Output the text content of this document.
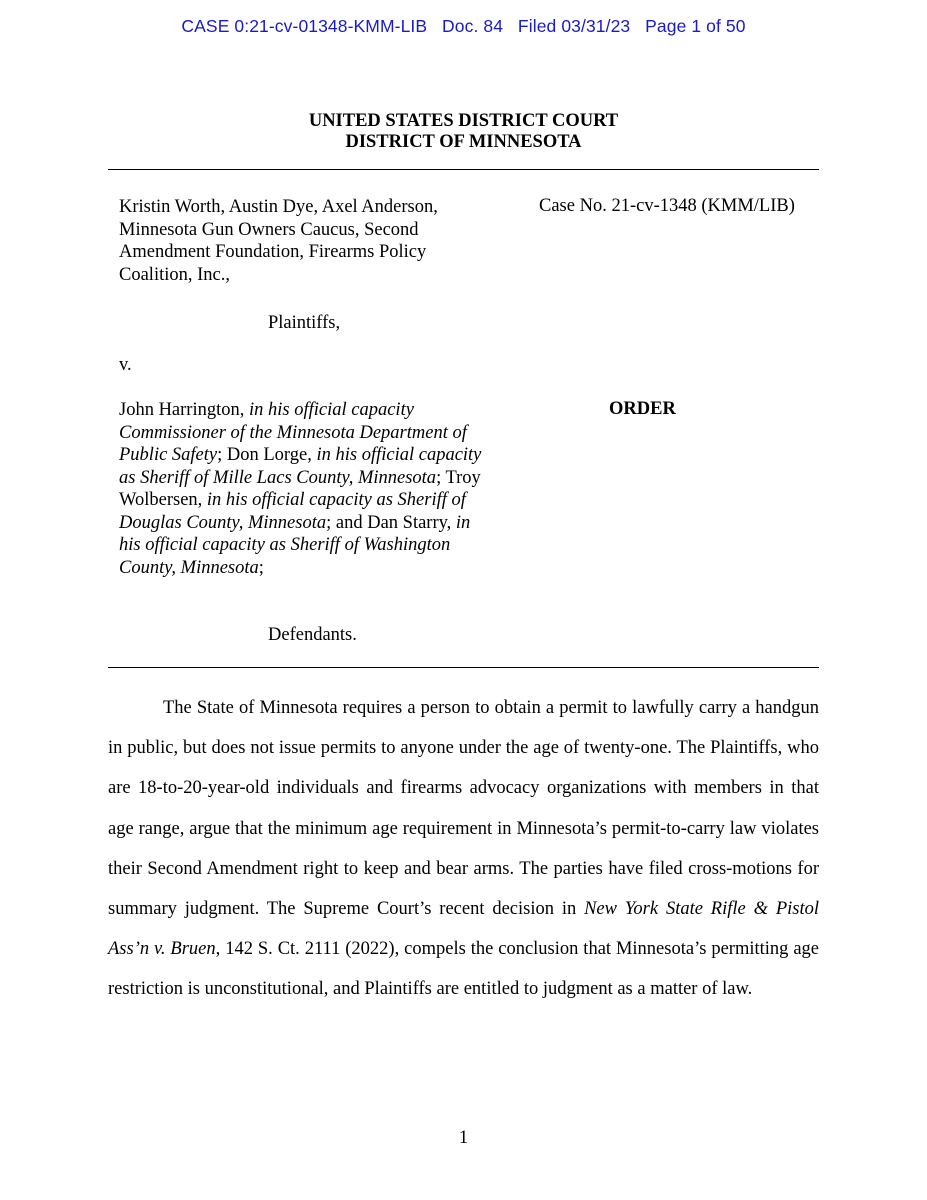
CASE 0:21-cv-01348-KMM-LIB   Doc. 84   Filed 03/31/23   Page 1 of 50
UNITED STATES DISTRICT COURT
DISTRICT OF MINNESOTA
Kristin Worth, Austin Dye, Axel Anderson, Minnesota Gun Owners Caucus, Second Amendment Foundation, Firearms Policy Coalition, Inc.,
Plaintiffs,
v.
John Harrington, in his official capacity Commissioner of the Minnesota Department of Public Safety; Don Lorge, in his official capacity as Sheriff of Mille Lacs County, Minnesota; Troy Wolbersen, in his official capacity as Sheriff of Douglas County, Minnesota; and Dan Starry, in his official capacity as Sheriff of Washington County, Minnesota;
Defendants.
Case No. 21-cv-1348 (KMM/LIB)
ORDER

The State of Minnesota requires a person to obtain a permit to lawfully carry a handgun in public, but does not issue permits to anyone under the age of twenty-one. The Plaintiffs, who are 18-to-20-year-old individuals and firearms advocacy organizations with members in that age range, argue that the minimum age requirement in Minnesota’s permit-to-carry law violates their Second Amendment right to keep and bear arms. The parties have filed cross-motions for summary judgment. The Supreme Court’s recent decision in New York State Rifle & Pistol Ass’n v. Bruen, 142 S. Ct. 2111 (2022), compels the conclusion that Minnesota’s permitting age restriction is unconstitutional, and Plaintiffs are entitled to judgment as a matter of law.

1
